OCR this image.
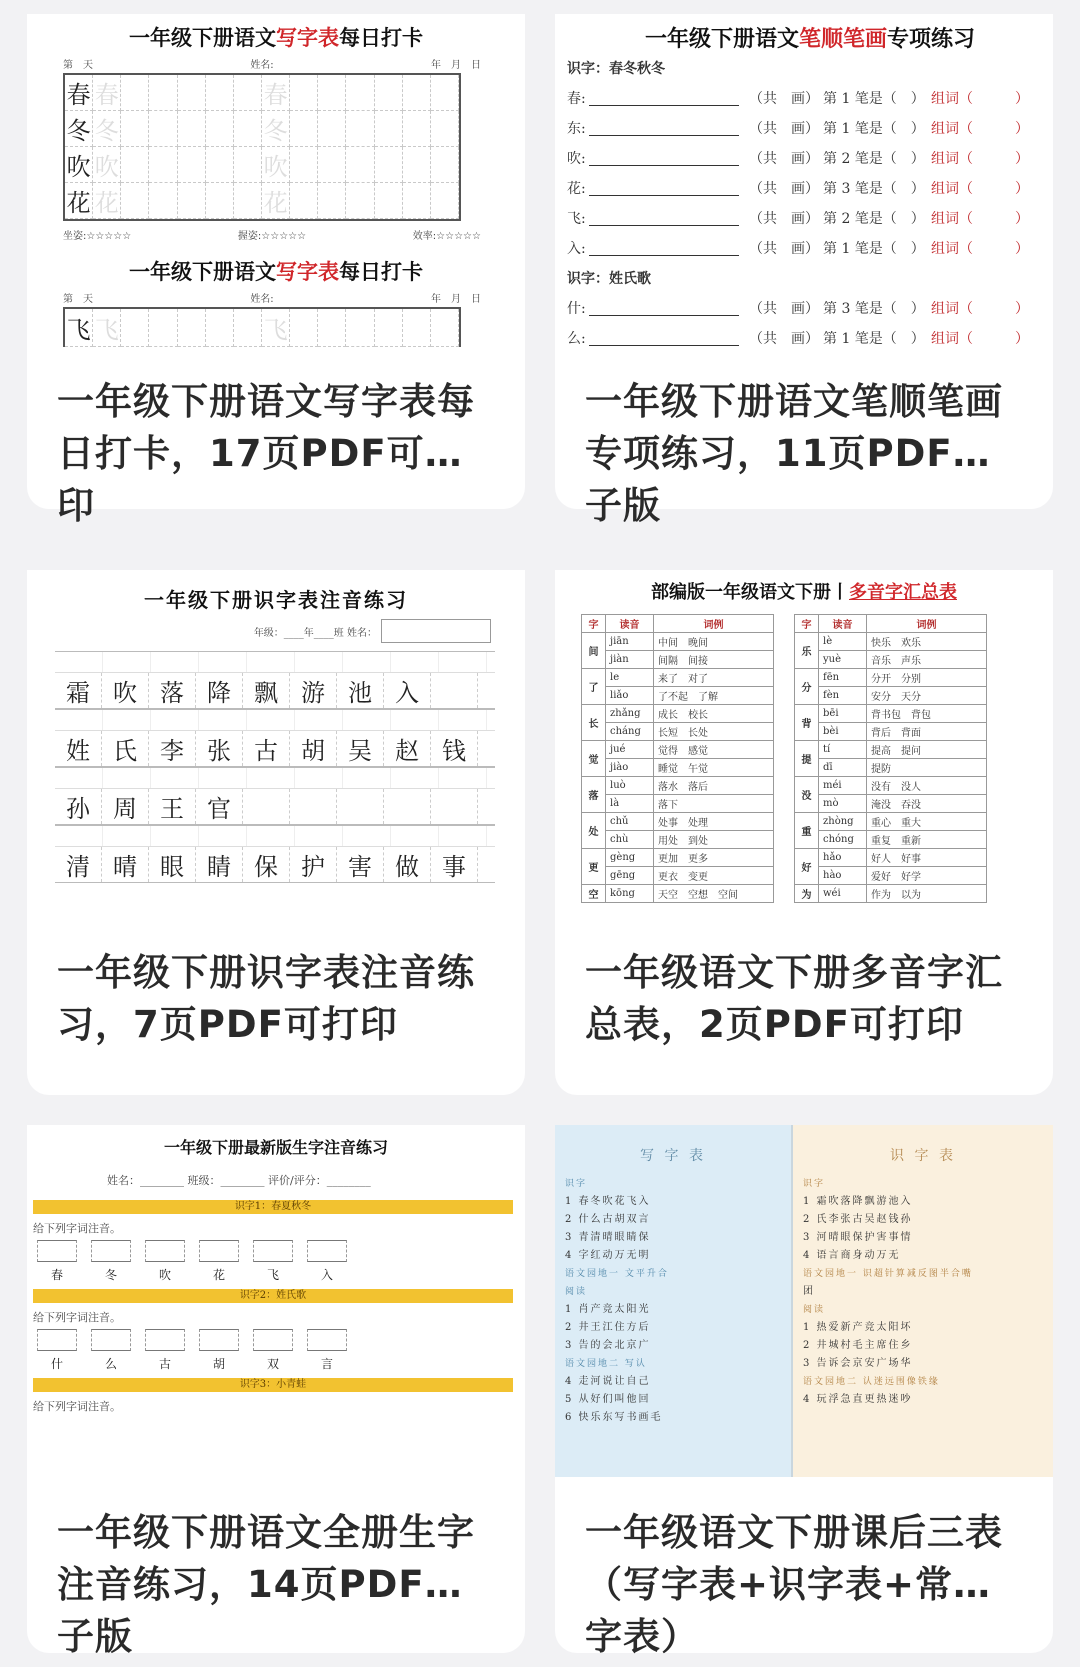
一年级下册语文写字表每日打卡
第　天	姓名:	年　月　日
春 春	春
冬 冬	冬
吹 吹	吹
花 花	花
坐姿:☆☆☆☆☆	握姿:☆☆☆☆☆	效率:☆☆☆☆☆
一年级下册语文写字表每日打卡
第　天	姓名:	年　月　日
飞 飞	飞
一年级下册语文写字表每日打卡，17页PDF可打印
一年级下册语文笔顺笔画专项练习
识字：春冬秋冬
春:	（共　画） 第 1 笔是（　） 组词（　　　）
东:	（共　画） 第 1 笔是（　） 组词（　　　）
吹:	（共　画） 第 2 笔是（　） 组词（　　　）
花:	（共　画） 第 3 笔是（　） 组词（　　　）
飞:	（共　画） 第 2 笔是（　） 组词（　　　）
入:	（共　画） 第 1 笔是（　） 组词（　　　）
识字：姓氏歌
什:	（共　画） 第 3 笔是（　） 组词（　　　）
么:	（共　画） 第 1 笔是（　） 组词（　　　）
一年级下册语文笔顺笔画专项练习，11页PDF电子版
一年级下册识字表注音练习
年级：____年____班 姓名：
霜 吹 落 降 飘 游 池 入
姓 氏 李 张 古 胡 吴 赵 钱
孙 周 王 官
清 晴 眼 睛 保 护 害 做 事
一年级下册识字表注音练习，7页PDF可打印
部编版一年级语文下册丨多音字汇总表
字	读音	词例
间	jiān	中间　晚间
	jiàn	间隔　间接
了	le	来了　对了
	liǎo	了不起　了解
长	zhǎng	成长　校长
	cháng	长短　长处
觉	jué	觉得　感觉
	jiào	睡觉　午觉
落	luò	落水　落后
	là	落下
处	chǔ	处事　处理
	chù	用处　到处
更	gèng	更加　更多
	gēng	更衣　变更
空	kōng	天空　空想　空间
字	读音	词例
乐	lè	快乐　欢乐
	yuè	音乐　声乐
分	fēn	分开　分别
	fèn	安分　天分
背	bēi	背书包　背包
	bèi	背后　背面
提	tí	提高　提问
	dī	提防
没	méi	没有　没人
	mò	淹没　吞没
重	zhòng	重心　重大
	chóng	重复　重新
好	hǎo	好人　好事
	hào	爱好　好学
为	wéi	作为　以为
一年级语文下册多音字汇总表，2页PDF可打印
一年级下册最新版生字注音练习
姓名：________ 班级：________ 评价/评分：________
识字1：春夏秋冬
给下列字词注音。
春	冬	吹	花	飞	入
识字2：姓氏歌
给下列字词注音。
什	么	古	胡	双	言
识字3：小青蛙
给下列字词注音。
一年级下册语文全册生字注音练习，14页PDF电子版
写 字 表
识字
1 春冬吹花飞入
2 什么古胡双言
3 青清晴眼睛保
4 字红动万无明
语文园地一 文平升合
阅读
1 肖产竞太阳光
2 井王江住方后
3 告的会北京广
语文园地二 写认
4 走河说让自己
5 从好们叫他回
6 快乐东写书画毛
识 字 表
识字
1 霜吹落降飘游池入
2 氏李张古吴赵钱孙
3 河晴眼保护害事情
4 语言商身动万无
语文园地一 识超针算减反图半合嘴
团
阅读
1 热爱新产竞太阳坏
2 井城村毛主席住乡
3 告诉会京安广场华
语文园地二 认迷远围像铁缘
4 玩浮急直更热迷吵
一年级语文下册课后三表（写字表+识字表+常用字表）
